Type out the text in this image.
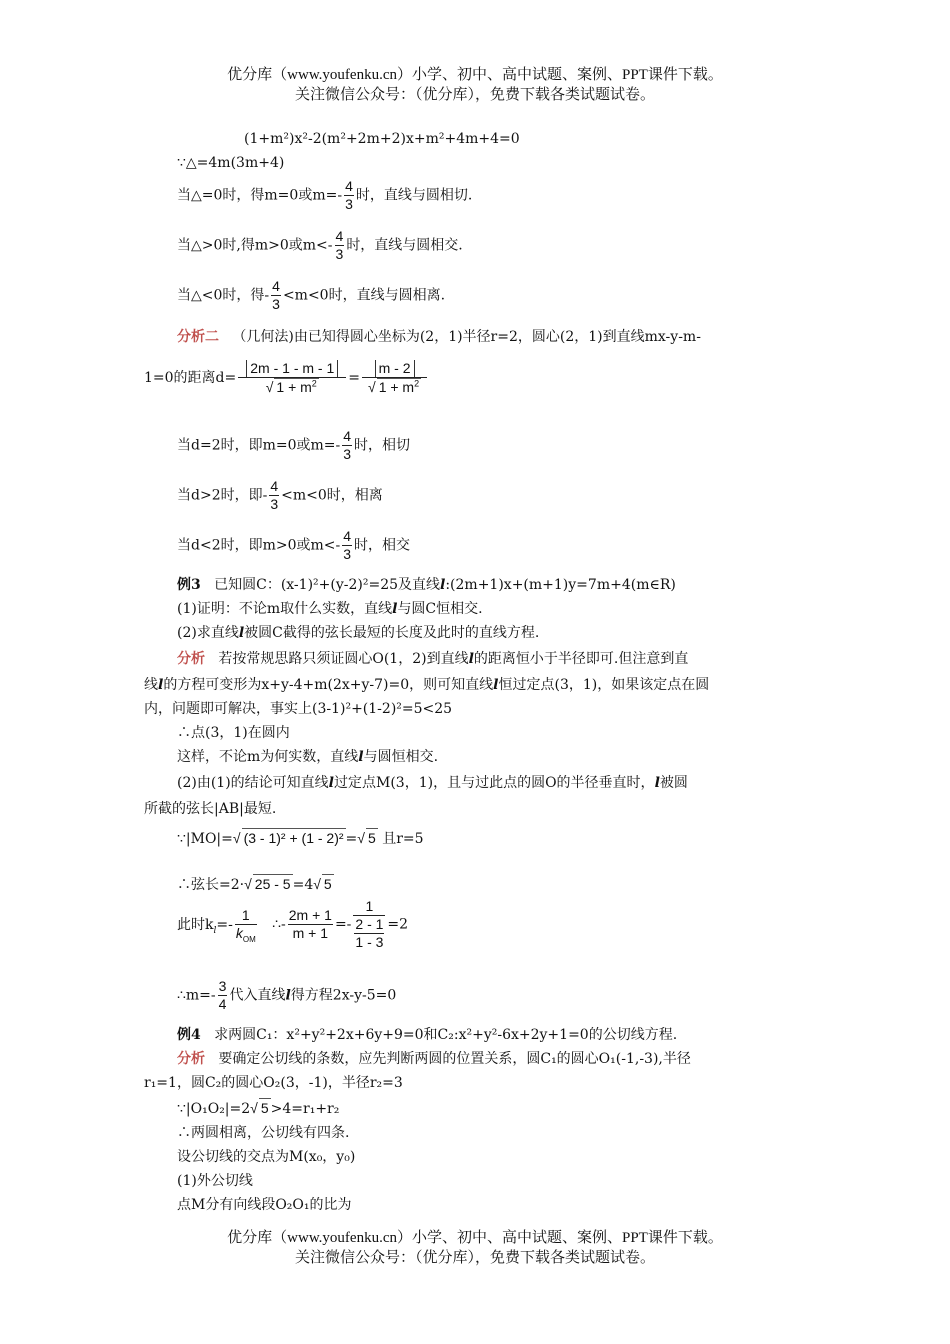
优分库（www.youfenku.cn）小学、初中、高中试题、案例、PPT课件下载。
关注微信公众号：（优分库），免费下载各类试题试卷。
(1+m²)x²-2(m²+2m+2)x+m²+4m+4=0
∵△=4m(3m+4)
当△=0时，得m=0或$m=- \frac{4}{3}$ 时，直线与圆相切.
当△>0时,得m>0或$m<- \frac{4}{3}$ 时，直线与圆相交.
当△<0时，得- $\frac{4}{3} <m<0$时，直线与圆相离.
分析二 （几何法)由已知得圆心坐标为(2，1)半径r=2，圆心(2，1)到直线mx-y-m-
1=0的距离$d= \frac{2m - 1 - m - 1}{√ 1 + m^2} = \frac{m - 2}{√ 1 + m^2}$
当d=2时，即m=0或$m=- \frac{4}{3}$ 时，相切
当d>2时，即- $\frac{4}{3} <m<0$时，相离
当d<2时，即m>0或$m<- \frac{4}{3}$ 时，相交
例3 已知圆C：(x-1)²+(y-2)²=25及直线l:(2m+1)x+(m+1)y=7m+4(m∈R)
(1)证明：不论m取什么实数，直线l与圆C恒相交.
(2)求直线l被圆C截得的弦长最短的长度及此时的直线方程.
分析 若按常规思路只须证圆心O(1，2)到直线l的距离恒小于半径即可.但注意到直
线l的方程可变形为x+y-4+m(2x+y-7)=0，则可知直线l恒过定点(3，1)，如果该定点在圆
内，问题即可解决，事实上(3-1)²+(1-2)²=5<25
∴点(3，1)在圆内
这样，不论m为何实数，直线l与圆恒相交.
(2)由(1)的结论可知直线l过定点M(3，1)，且与过此点的圆O的半径垂直时，l被圆
所截的弦长|AB|最短.
∵|MO|=√ (3 - 1)² + (1 - 2)² =√ 5 且r=5
∴弦长=2·√ 25 - 5 =4√ 5
此时$k_l=- \frac{1}{k_{OM}}$ ∴- $\frac{2m + 1}{m + 1} =- \frac{1}{\frac{2 - 1}{1 - 3}} =2$
∴m=- $\frac{3}{4}$ 代入直线l得方程2x-y-5=0
例4 求两圆C₁：x²+y²+2x+6y+9=0和C₂:x²+y²-6x+2y+1=0的公切线方程.
分析 要确定公切线的条数，应先判断两圆的位置关系，圆C₁的圆心O₁(-1,-3),半径
r₁=1，圆C₂的圆心O₂(3，-1)，半径r₂=3
∵|O₁O₂|=2√ 5 >4=r₁+r₂
∴两圆相离，公切线有四条.
设公切线的交点为M(x₀，y₀)
(1)外公切线
点M分有向线段O₂O₁的比为
优分库（www.youfenku.cn）小学、初中、高中试题、案例、PPT课件下载。
关注微信公众号：（优分库），免费下载各类试题试卷。
